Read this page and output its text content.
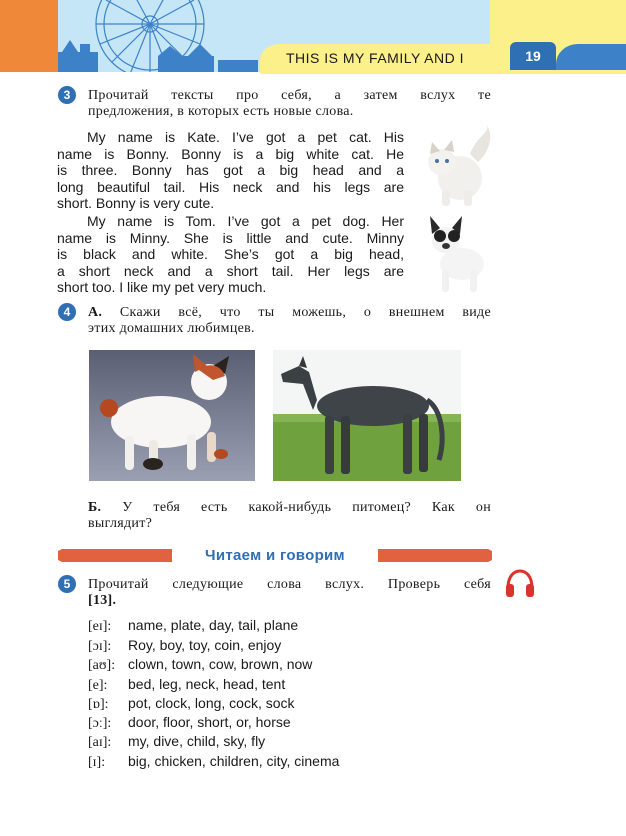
THIS IS MY FAMILY AND I	19
3	Прочитай тексты про себя, а затем вслух те
предложения, в которых есть новые слова.
My name is Kate. I’ve got a pet cat. His
name is Bonny. Bonny is a big white cat. He
is three. Bonny has got a big head and a
long beautiful tail. His neck and his legs are
short. Bonny is very cute.
My name is Tom. I’ve got a pet dog. Her
name is Minny. She is little and cute. Minny
is black and white. She’s got a big head,
a short neck and a short tail. Her legs are
short too. I like my pet very much.
4	А. Скажи всё, что ты можешь, о внешнем виде
этих домашних любимцев.
Б. У тебя есть какой-нибудь питомец? Как он
выглядит?
Читаем и говорим
5	Прочитай следующие слова вслух. Проверь себя
[13].
[eɪ]: name, plate, day, tail, plane
[ɔɪ]: Roy, boy, toy, coin, enjoy
[aʊ]: clown, town, cow, brown, now
[e]: bed, leg, neck, head, tent
[ɒ]: pot, clock, long, cock, sock
[ɔː]: door, floor, short, or, horse
[aɪ]: my, dive, child, sky, fly
[ɪ]: big, chicken, children, city, cinema
